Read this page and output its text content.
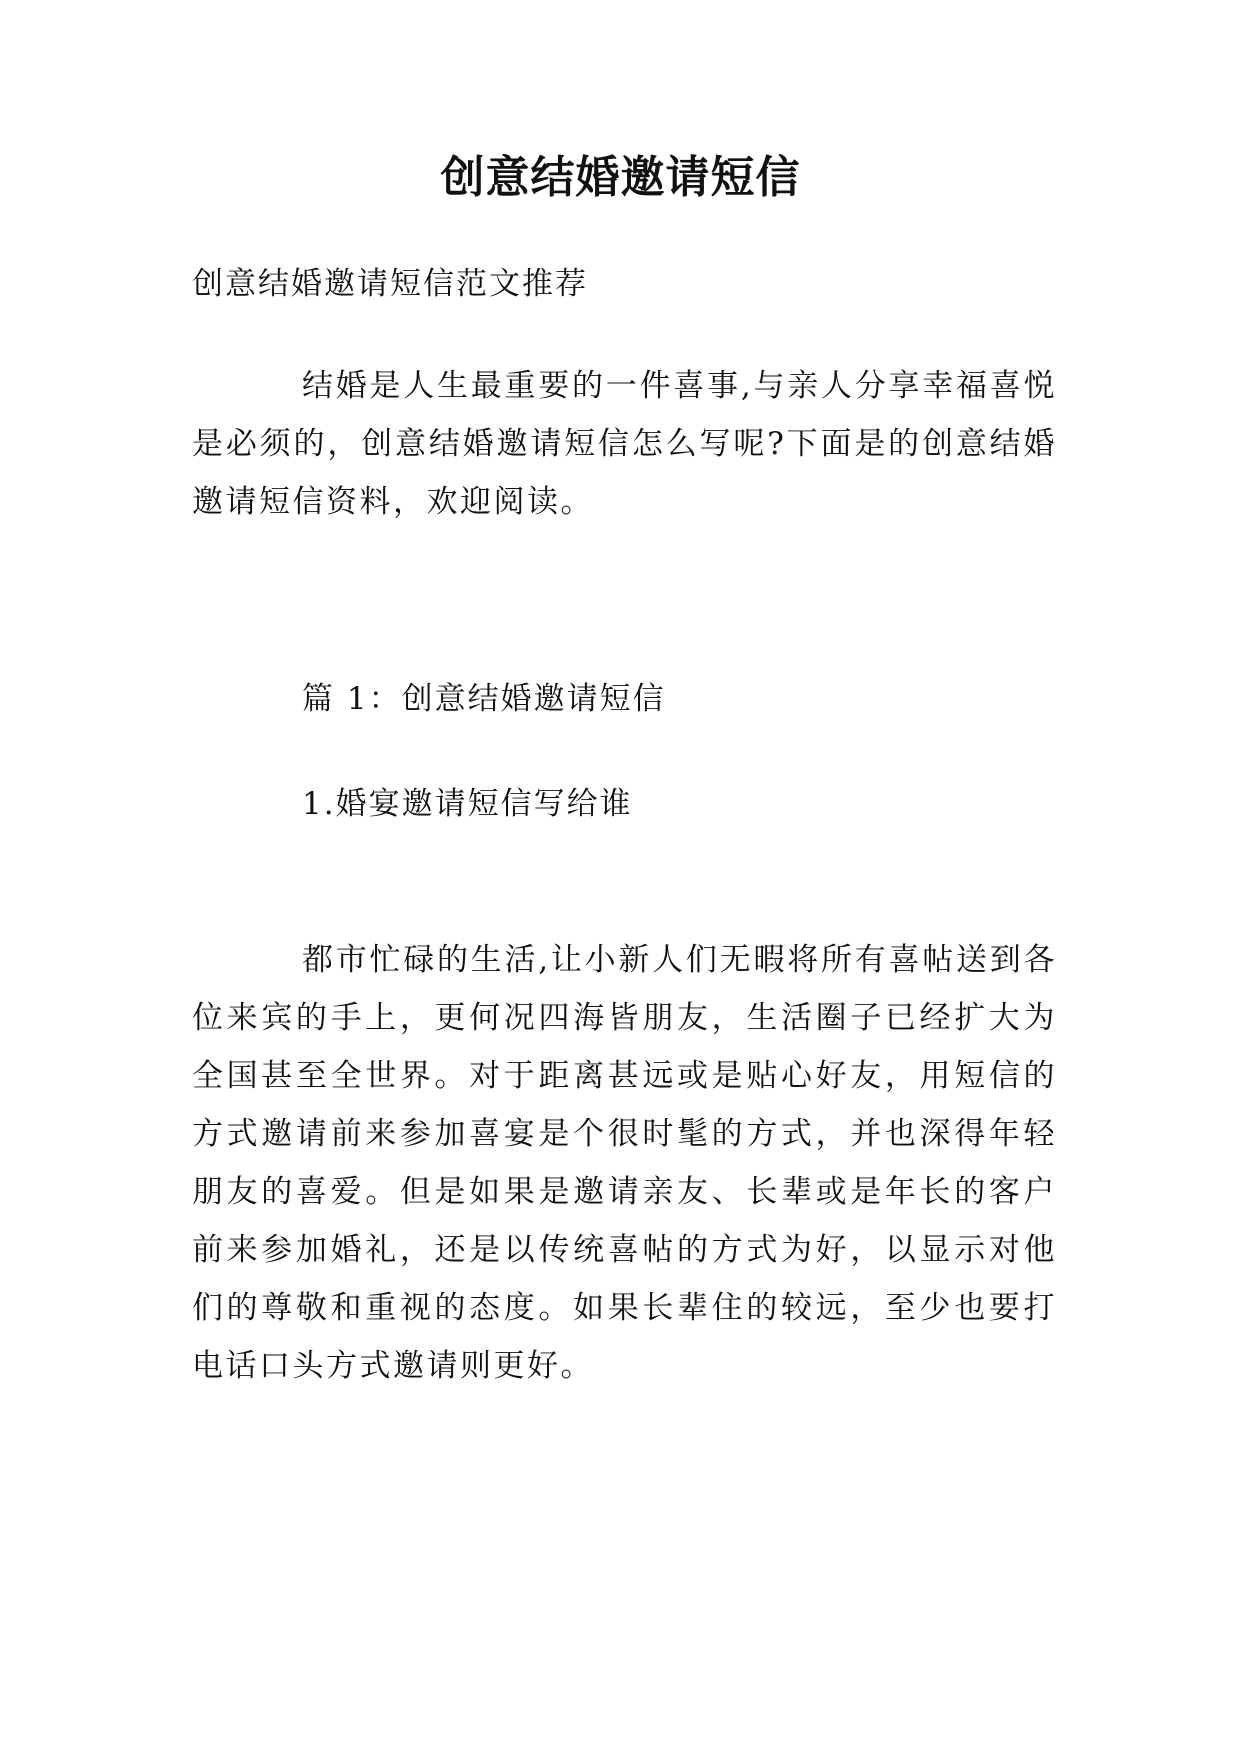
创意结婚邀请短信
创意结婚邀请短信范文推荐
结婚是人生最重要的一件喜事,与亲人分享幸福喜悦是必须的，创意结婚邀请短信怎么写呢?下面是的创意结婚邀请短信资料，欢迎阅读。
篇 1：创意结婚邀请短信
1.婚宴邀请短信写给谁
都市忙碌的生活,让小新人们无暇将所有喜帖送到各位来宾的手上，更何况四海皆朋友，生活圈子已经扩大为全国甚至全世界。对于距离甚远或是贴心好友，用短信的方式邀请前来参加喜宴是个很时髦的方式，并也深得年轻朋友的喜爱。但是如果是邀请亲友、长辈或是年长的客户前来参加婚礼，还是以传统喜帖的方式为好，以显示对他们的尊敬和重视的态度。如果长辈住的较远，至少也要打电话口头方式邀请则更好。
